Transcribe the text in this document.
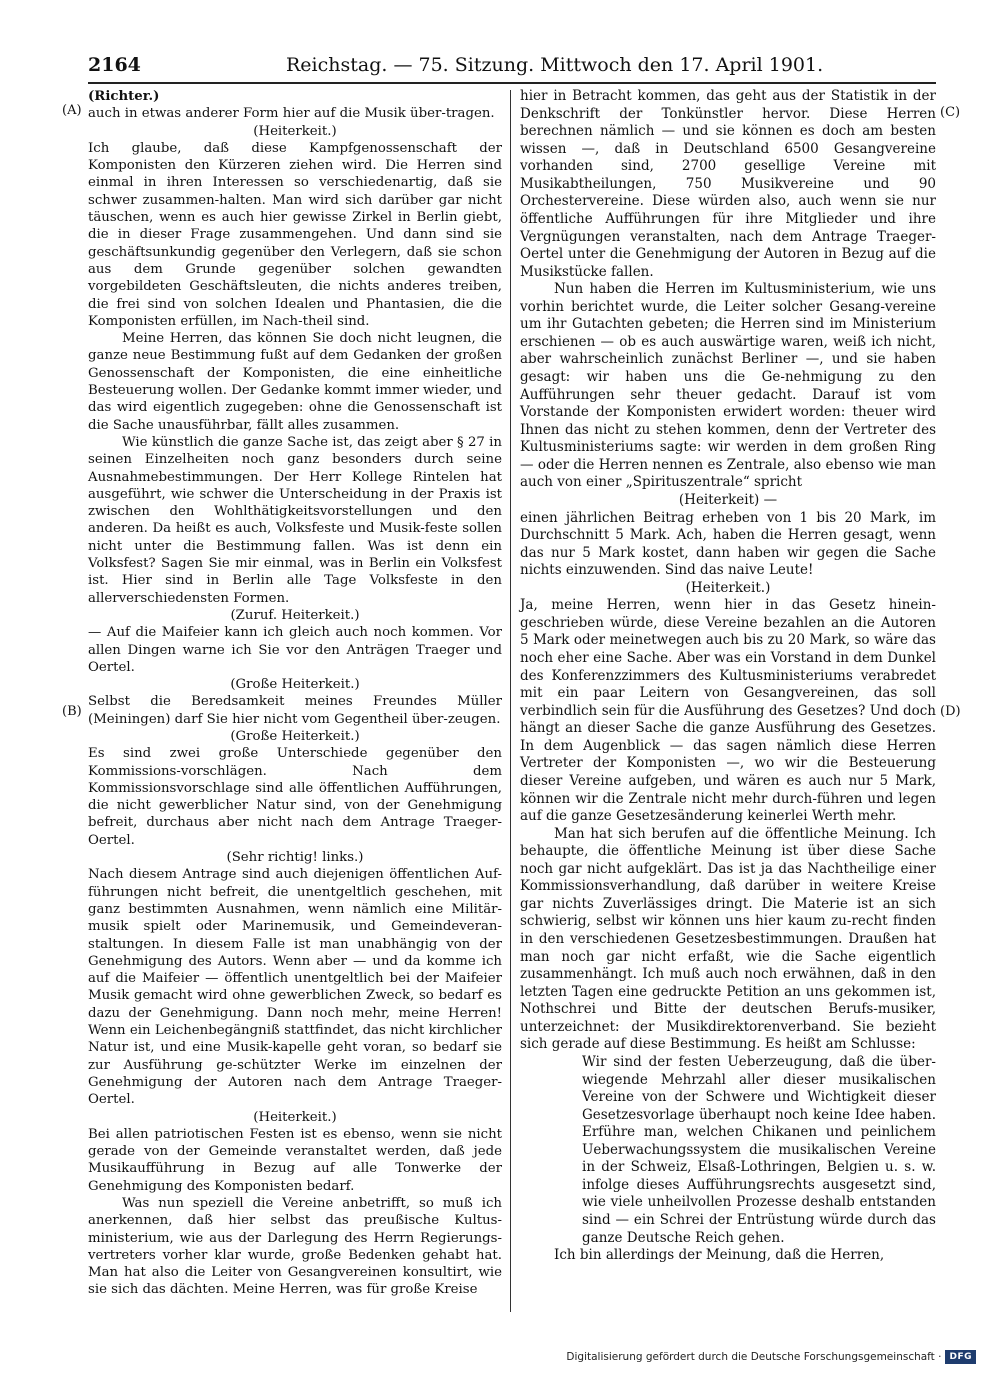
2164	Reichstag. — 75. Sitzung. Mittwoch den 17. April 1901.
(A)
(B)
(C)
(D)

(Richter.)

auch in etwas anderer Form hier auf die Musik über-tragen.

(Heiterkeit.)

Ich glaube, daß diese Kampfgenossenschaft der Komponisten den Kürzeren ziehen wird. Die Herren sind einmal in ihren Interessen so verschiedenartig, daß sie schwer zusammen-halten. Man wird sich darüber gar nicht täuschen, wenn es auch hier gewisse Zirkel in Berlin giebt, die in dieser Frage zusammengehen. Und dann sind sie geschäftsunkundig gegenüber den Verlegern, daß sie schon aus dem Grunde gegenüber solchen gewandten vorgebildeten Geschäftsleuten, die nichts anderes treiben, die frei sind von solchen Idealen und Phantasien, die die Komponisten erfüllen, im Nach-theil sind.

Meine Herren, das können Sie doch nicht leugnen, die ganze neue Bestimmung fußt auf dem Gedanken der großen Genossenschaft der Komponisten, die eine einheitliche Besteuerung wollen. Der Gedanke kommt immer wieder, und das wird eigentlich zugegeben: ohne die Genossenschaft ist die Sache unausführbar, fällt alles zusammen.

Wie künstlich die ganze Sache ist, das zeigt aber § 27 in seinen Einzelheiten noch ganz besonders durch seine Ausnahmebestimmungen. Der Herr Kollege Rintelen hat ausgeführt, wie schwer die Unterscheidung in der Praxis ist zwischen den Wohlthätigkeitsvorstellungen und den anderen. Da heißt es auch, Volksfeste und Musik-feste sollen nicht unter die Bestimmung fallen. Was ist denn ein Volksfest? Sagen Sie mir einmal, was in Berlin ein Volksfest ist. Hier sind in Berlin alle Tage Volksfeste in den allerverschiedensten Formen.

(Zuruf. Heiterkeit.)

— Auf die Maifeier kann ich gleich auch noch kommen. Vor allen Dingen warne ich Sie vor den Anträgen Traeger und Oertel.

(Große Heiterkeit.)

Selbst die Beredsamkeit meines Freundes Müller (Meiningen) darf Sie hier nicht vom Gegentheil über-zeugen.

(Große Heiterkeit.)

Es sind zwei große Unterschiede gegenüber den Kommissions-vorschlägen. Nach dem Kommissionsvorschlage sind alle öffentlichen Aufführungen, die nicht gewerblicher Natur sind, von der Genehmigung befreit, durchaus aber nicht nach dem Antrage Traeger-Oertel.

(Sehr richtig! links.)

Nach diesem Antrage sind auch diejenigen öffentlichen Auf-führungen nicht befreit, die unentgeltlich geschehen, mit ganz bestimmten Ausnahmen, wenn nämlich eine Militär-musik spielt oder Marinemusik, und Gemeindeveran-staltungen. In diesem Falle ist man unabhängig von der Genehmigung des Autors. Wenn aber — und da komme ich auf die Maifeier — öffentlich unentgeltlich bei der Maifeier Musik gemacht wird ohne gewerblichen Zweck, so bedarf es dazu der Genehmigung. Dann noch mehr, meine Herren! Wenn ein Leichenbegängniß stattfindet, das nicht kirchlicher Natur ist, und eine Musik-kapelle geht voran, so bedarf sie zur Ausführung ge-schützter Werke im einzelnen der Genehmigung der Autoren nach dem Antrage Traeger-Oertel.

(Heiterkeit.)

Bei allen patriotischen Festen ist es ebenso, wenn sie nicht gerade von der Gemeinde veranstaltet werden, daß jede Musikaufführung in Bezug auf alle Tonwerke der Genehmigung des Komponisten bedarf.

Was nun speziell die Vereine anbetrifft, so muß ich anerkennen, daß hier selbst das preußische Kultus-ministerium, wie aus der Darlegung des Herrn Regierungs-vertreters vorher klar wurde, große Bedenken gehabt hat. Man hat also die Leiter von Gesangvereinen konsultirt, wie sie sich das dächten. Meine Herren, was für große Kreise

hier in Betracht kommen, das geht aus der Statistik in der Denkschrift der Tonkünstler hervor. Diese Herren berechnen nämlich — und sie können es doch am besten wissen —, daß in Deutschland 6500 Gesangvereine vorhanden sind, 2700 gesellige Vereine mit Musikabtheilungen, 750 Musikvereine und 90 Orchestervereine. Diese würden also, auch wenn sie nur öffentliche Aufführungen für ihre Mitglieder und ihre Vergnügungen veranstalten, nach dem Antrage Traeger-Oertel unter die Genehmigung der Autoren in Bezug auf die Musikstücke fallen.

Nun haben die Herren im Kultusministerium, wie uns vorhin berichtet wurde, die Leiter solcher Gesang-vereine um ihr Gutachten gebeten; die Herren sind im Ministerium erschienen — ob es auch auswärtige waren, weiß ich nicht, aber wahrscheinlich zunächst Berliner —, und sie haben gesagt: wir haben uns die Ge-nehmigung zu den Aufführungen sehr theuer gedacht. Darauf ist vom Vorstande der Komponisten erwidert worden: theuer wird Ihnen das nicht zu stehen kommen, denn der Vertreter des Kultusministeriums sagte: wir werden in dem großen Ring — oder die Herren nennen es Zentrale, also ebenso wie man auch von einer „Spirituszentrale“ spricht

(Heiterkeit) —

einen jährlichen Beitrag erheben von 1 bis 20 Mark, im Durchschnitt 5 Mark. Ach, haben die Herren gesagt, wenn das nur 5 Mark kostet, dann haben wir gegen die Sache nichts einzuwenden. Sind das naive Leute!

(Heiterkeit.)

Ja, meine Herren, wenn hier in das Gesetz hinein-geschrieben würde, diese Vereine bezahlen an die Autoren 5 Mark oder meinetwegen auch bis zu 20 Mark, so wäre das noch eher eine Sache. Aber was ein Vorstand in dem Dunkel des Konferenzzimmers des Kultusministeriums verabredet mit ein paar Leitern von Gesangvereinen, das soll verbindlich sein für die Ausführung des Gesetzes? Und doch hängt an dieser Sache die ganze Ausführung des Gesetzes. In dem Augenblick — das sagen nämlich diese Herren Vertreter der Komponisten —, wo wir die Besteuerung dieser Vereine aufgeben, und wären es auch nur 5 Mark, können wir die Zentrale nicht mehr durch-führen und legen auf die ganze Gesetzesänderung keinerlei Werth mehr.

Man hat sich berufen auf die öffentliche Meinung. Ich behaupte, die öffentliche Meinung ist über diese Sache noch gar nicht aufgeklärt. Das ist ja das Nachtheilige einer Kommissionsverhandlung, daß darüber in weitere Kreise gar nichts Zuverlässiges dringt. Die Materie ist an sich schwierig, selbst wir können uns hier kaum zu-recht finden in den verschiedenen Gesetzesbestimmungen. Draußen hat man noch gar nicht erfaßt, wie die Sache eigentlich zusammenhängt. Ich muß auch noch erwähnen, daß in den letzten Tagen eine gedruckte Petition an uns gekommen ist, Nothschrei und Bitte der deutschen Berufs-musiker, unterzeichnet: der Musikdirektorenverband. Sie bezieht sich gerade auf diese Bestimmung. Es heißt am Schlusse:

Wir sind der festen Ueberzeugung, daß die über-wiegende Mehrzahl aller dieser musikalischen Vereine von der Schwere und Wichtigkeit dieser Gesetzesvorlage überhaupt noch keine Idee haben. Erführe man, welchen Chikanen und peinlichem Ueberwachungssystem die musikalischen Vereine in der Schweiz, Elsaß-Lothringen, Belgien u. s. w. infolge dieses Aufführungsrechts ausgesetzt sind, wie viele unheilvollen Prozesse deshalb entstanden sind — ein Schrei der Entrüstung würde durch das ganze Deutsche Reich gehen.

Ich bin allerdings der Meinung, daß die Herren,

Digitalisierung gefördert durch die Deutsche Forschungsgemeinschaft · DFG
